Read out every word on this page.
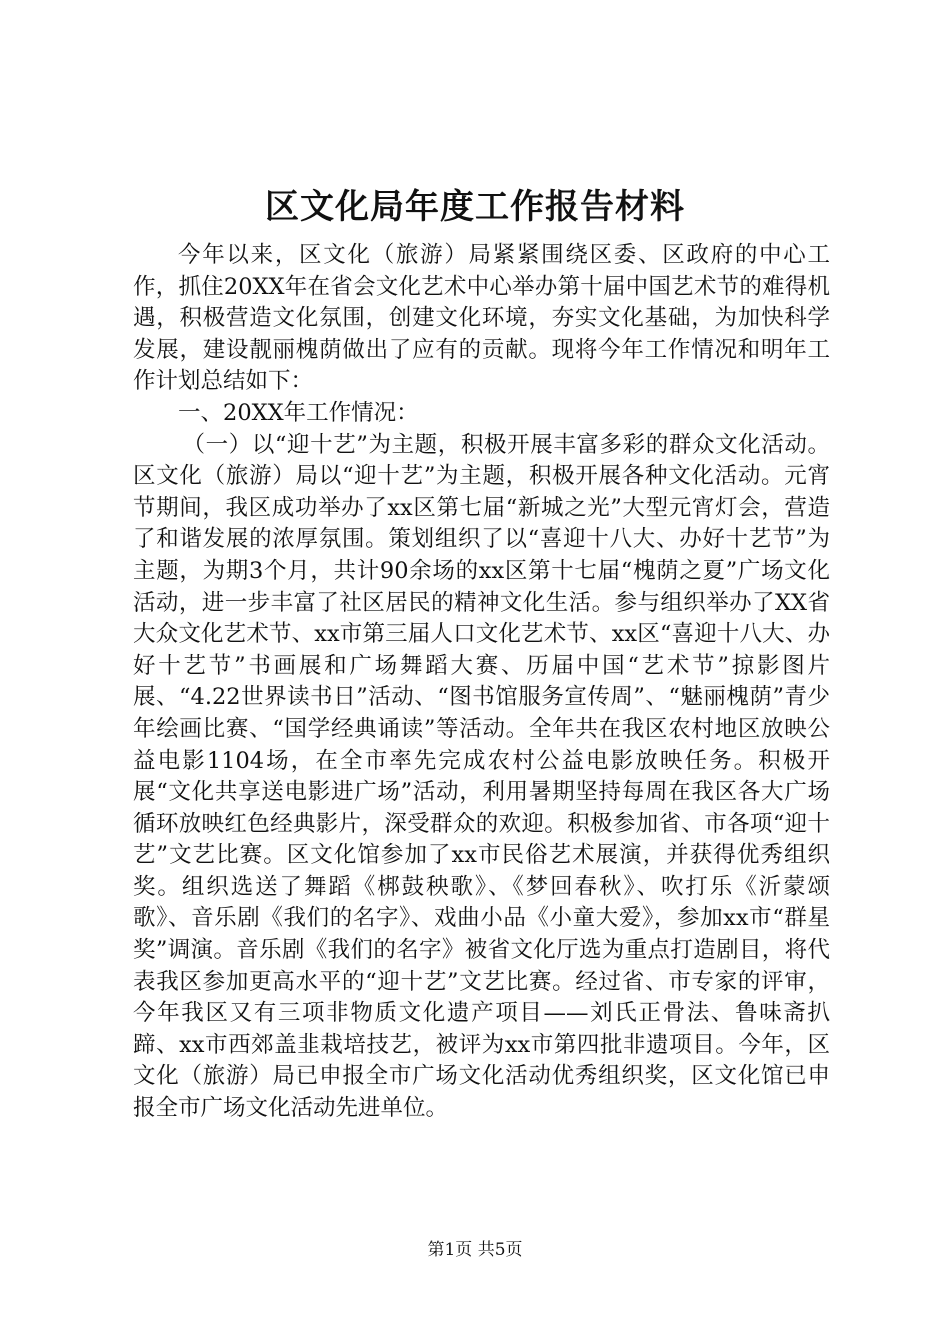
区文化局年度工作报告材料

今年以来，区文化（旅游）局紧紧围绕区委、区政府的中心工作，抓住20XX年在省会文化艺术中心举办第十届中国艺术节的难得机遇，积极营造文化氛围，创建文化环境，夯实文化基础，为加快科学发展，建设靓丽槐荫做出了应有的贡献。现将今年工作情况和明年工作计划总结如下：

一、20XX年工作情况：

（一）以“迎十艺”为主题，积极开展丰富多彩的群众文化活动。区文化（旅游）局以“迎十艺”为主题，积极开展各种文化活动。元宵节期间，我区成功举办了xx区第七届“新城之光”大型元宵灯会，营造了和谐发展的浓厚氛围。策划组织了以“喜迎十八大、办好十艺节”为主题，为期3个月，共计90余场的xx区第十七届“槐荫之夏”广场文化活动，进一步丰富了社区居民的精神文化生活。参与组织举办了XX省大众文化艺术节、xx市第三届人口文化艺术节、xx区“喜迎十八大、办好十艺节”书画展和广场舞蹈大赛、历届中国“艺术节”掠影图片展、“4.22世界读书日”活动、“图书馆服务宣传周”、“魅丽槐荫”青少年绘画比赛、“国学经典诵读”等活动。全年共在我区农村地区放映公益电影1104场，在全市率先完成农村公益电影放映任务。积极开展“文化共享送电影进广场”活动，利用暑期坚持每周在我区各大广场循环放映红色经典影片，深受群众的欢迎。积极参加省、市各项“迎十艺”文艺比赛。区文化馆参加了xx市民俗艺术展演，并获得优秀组织奖。组织选送了舞蹈《梆鼓秧歌》、《梦回春秋》、吹打乐《沂蒙颂歌》、音乐剧《我们的名字》、戏曲小品《小童大爱》，参加xx市“群星奖”调演。音乐剧《我们的名字》被省文化厅选为重点打造剧目，将代表我区参加更高水平的“迎十艺”文艺比赛。经过省、市专家的评审，今年我区又有三项非物质文化遗产项目——刘氏正骨法、鲁味斋扒蹄、xx市西郊盖韭栽培技艺，被评为xx市第四批非遗项目。今年，区文化（旅游）局已申报全市广场文化活动优秀组织奖，区文化馆已申报全市广场文化活动先进单位。

第1页 共5页
